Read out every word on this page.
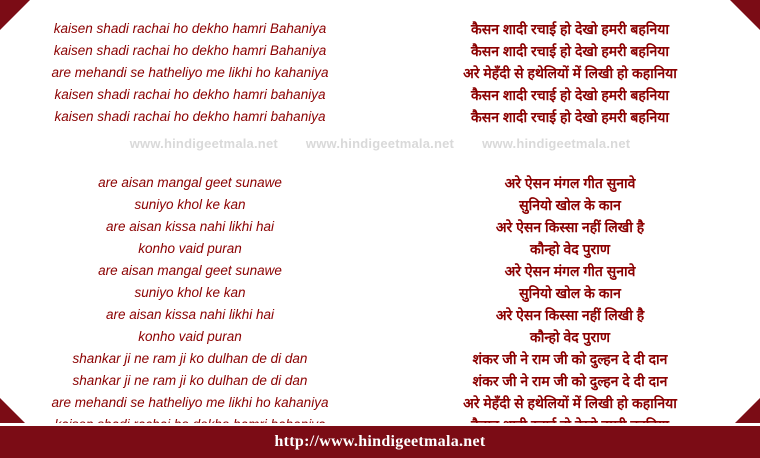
kaisen shadi rachai ho dekho hamri Bahaniya
kaisen shadi rachai ho dekho hamri Bahaniya
are mehandi se hatheliyo me likhi ho kahaniya
kaisen shadi rachai ho dekho hamri bahaniya
kaisen shadi rachai ho dekho hamri bahaniya
are aisan mangal geet sunawe
suniyo khol ke kan
are aisan kissa nahi likhi hai
konho vaid puran
are aisan mangal geet sunawe
suniyo khol ke kan
are aisan kissa nahi likhi hai
konho vaid puran
shankar ji ne ram ji ko dulhan de di dan
shankar ji ne ram ji ko dulhan de di dan
are mehandi se hatheliyo me likhi ho kahaniya
कैसन शादी रचाई हो देखो हमरी बहनिया
कैसन शादी रचाई हो देखो हमरी बहनिया
अरे मेहँदी से हथेलियों में लिखी हो कहानिया
कैसन शादी रचाई हो देखो हमरी बहनिया
कैसन शादी रचाई हो देखो हमरी बहनिया
अरे ऐसन मंगल गीत सुनावे
सुनियो खोल के कान
अरे ऐसन किस्सा नहीं लिखी है
कौन्हो वेद पुराण
अरे ऐसन मंगल गीत सुनावे
सुनियो खोल के कान
अरे ऐसन किस्सा नहीं लिखी है
कौन्हो वेद पुराण
शंकर जी ने राम जी को दुल्हन दे दी दान
शंकर जी ने राम जी को दुल्हन दे दी दान
अरे मेहँदी से हथेलियों में लिखी हो कहानिया
www.hindigeetmala.net www.hindigeetmala.net www.hindigeetmala.net
http://www.hindigeetmala.net
